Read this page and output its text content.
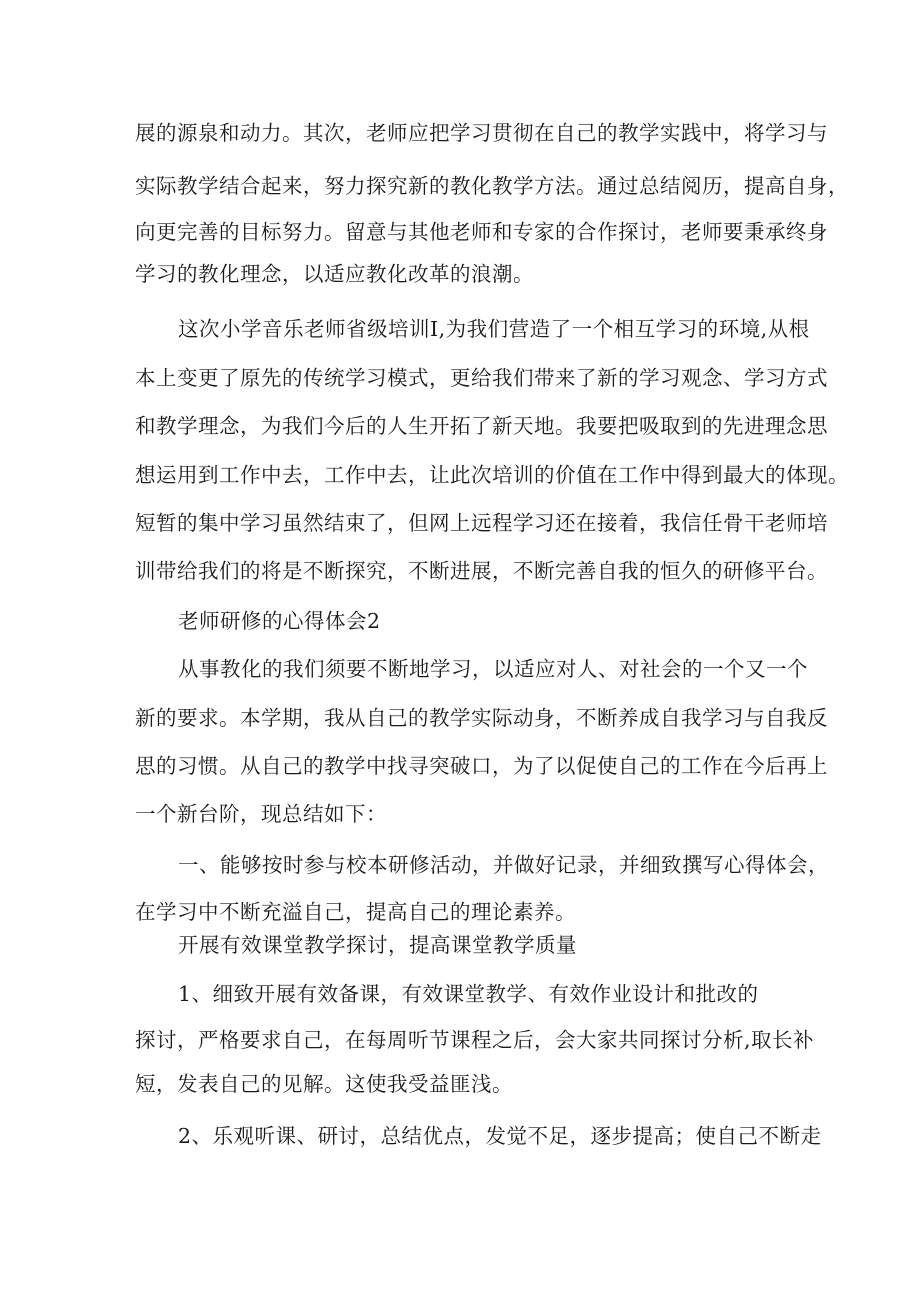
展的源泉和动力。其次，老师应把学习贯彻在自己的教学实践中，将学习与
实际教学结合起来，努力探究新的教化教学方法。通过总结阅历，提高自身，
向更完善的目标努力。留意与其他老师和专家的合作探讨，老师要秉承终身
学习的教化理念，以适应教化改革的浪潮。
这次小学音乐老师省级培训I,为我们营造了一个相互学习的环境,从根
本上变更了原先的传统学习模式，更给我们带来了新的学习观念、学习方式
和教学理念，为我们今后的人生开拓了新天地。我要把吸取到的先进理念思
想运用到工作中去，工作中去，让此次培训的价值在工作中得到最大的体现。
短暂的集中学习虽然结束了，但网上远程学习还在接着，我信任骨干老师培
训带给我们的将是不断探究，不断进展，不断完善自我的恒久的研修平台。
老师研修的心得体会2
从事教化的我们须要不断地学习，以适应对人、对社会的一个又一个
新的要求。本学期，我从自己的教学实际动身，不断养成自我学习与自我反
思的习惯。从自己的教学中找寻突破口，为了以促使自己的工作在今后再上
一个新台阶，现总结如下：
一、能够按时参与校本研修活动，并做好记录，并细致撰写心得体会，
在学习中不断充溢自己，提高自己的理论素养。
开展有效课堂教学探讨，提高课堂教学质量
1、细致开展有效备课，有效课堂教学、有效作业设计和批改的
探讨，严格要求自己，在每周听节课程之后，会大家共同探讨分析,取长补
短，发表自己的见解。这使我受益匪浅。
2、乐观听课、研讨，总结优点，发觉不足，逐步提高；使自己不断走
